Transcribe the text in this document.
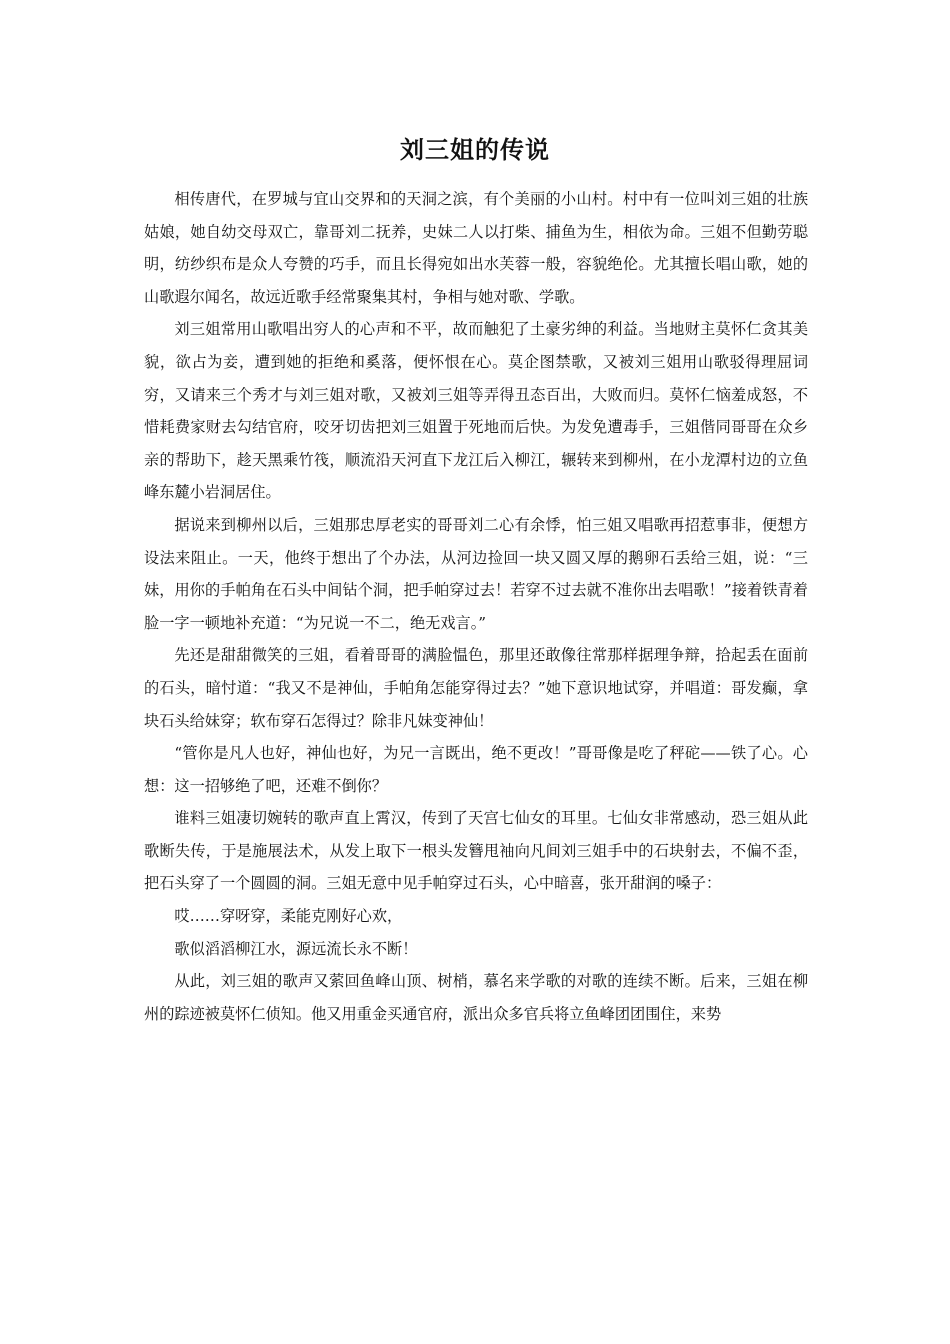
刘三姐的传说

相传唐代，在罗城与宜山交界和的天洞之滨，有个美丽的小山村。村中有一位叫刘三姐的壮族姑娘，她自幼交母双亡，靠哥刘二抚养，史妹二人以打柴、捕鱼为生，相依为命。三姐不但勤劳聪明，纺纱织布是众人夸赞的巧手，而且长得宛如出水芙蓉一般，容貌绝伦。尤其擅长唱山歌，她的山歌遐尔闻名，故远近歌手经常聚集其村，争相与她对歌、学歌。

刘三姐常用山歌唱出穷人的心声和不平，故而触犯了土豪劣绅的利益。当地财主莫怀仁贪其美貌，欲占为妾，遭到她的拒绝和奚落，便怀恨在心。莫企图禁歌，又被刘三姐用山歌驳得理屈词穷，又请来三个秀才与刘三姐对歌，又被刘三姐等弄得丑态百出，大败而归。莫怀仁恼羞成怒，不惜耗费家财去勾结官府，咬牙切齿把刘三姐置于死地而后快。为发免遭毒手，三姐偕同哥哥在众乡亲的帮助下，趁天黑乘竹筏，顺流沿天河直下龙江后入柳江，辗转来到柳州，在小龙潭村边的立鱼峰东麓小岩洞居住。

据说来到柳州以后，三姐那忠厚老实的哥哥刘二心有余悸，怕三姐又唱歌再招惹事非，便想方设法来阻止。一天，他终于想出了个办法，从河边捡回一块又圆又厚的鹅卵石丢给三姐，说：“三妹，用你的手帕角在石头中间钻个洞，把手帕穿过去！若穿不过去就不准你出去唱歌！”接着铁青着脸一字一顿地补充道：“为兄说一不二，绝无戏言。”

先还是甜甜微笑的三姐，看着哥哥的满脸愠色，那里还敢像往常那样据理争辩，拾起丢在面前的石头，暗忖道：“我又不是神仙，手帕角怎能穿得过去？”她下意识地试穿，并唱道：哥发癫，拿块石头给妹穿；软布穿石怎得过？除非凡妹变神仙！

“管你是凡人也好，神仙也好，为兄一言既出，绝不更改！”哥哥像是吃了秤砣——铁了心。心想：这一招够绝了吧，还难不倒你？

谁料三姐凄切婉转的歌声直上霄汉，传到了天宫七仙女的耳里。七仙女非常感动，恐三姐从此歌断失传，于是施展法术，从发上取下一根头发簪甩袖向凡间刘三姐手中的石块射去，不偏不歪，把石头穿了一个圆圆的洞。三姐无意中见手帕穿过石头，心中暗喜，张开甜润的嗓子：

哎……穿呀穿，柔能克刚好心欢，

歌似滔滔柳江水，源远流长永不断！

从此，刘三姐的歌声又萦回鱼峰山顶、树梢，慕名来学歌的对歌的连续不断。后来，三姐在柳州的踪迹被莫怀仁侦知。他又用重金买通官府，派出众多官兵将立鱼峰团团围住，来势
